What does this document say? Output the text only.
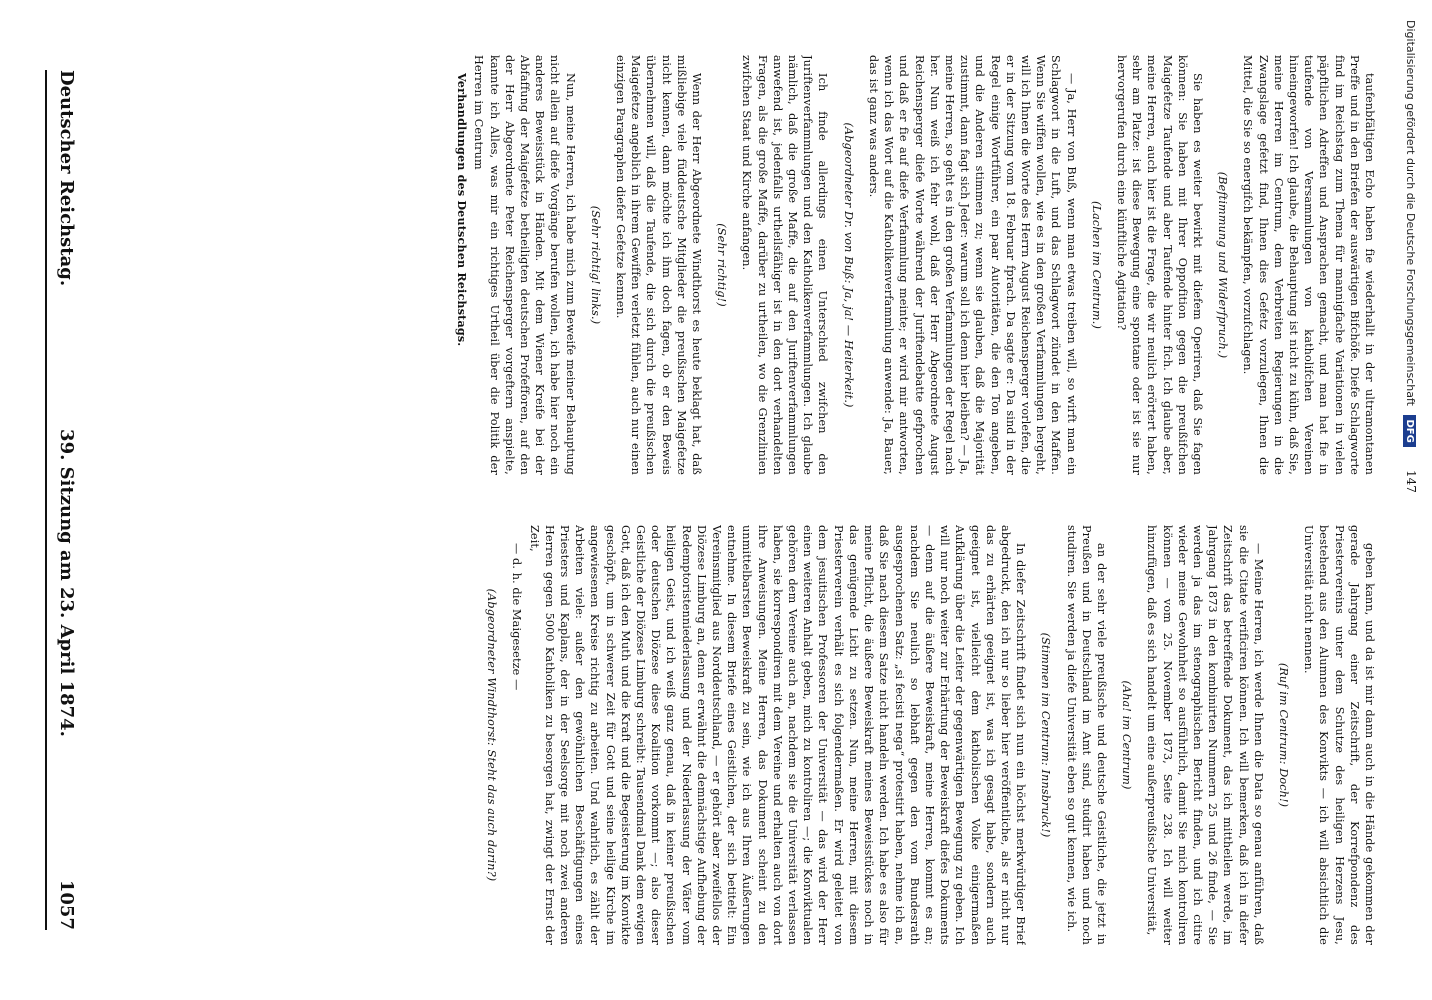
Deutscher Reichstag.
39. Sitzung am 23. April 1874.
1057

taufenbfältigen Echo haben fie wiederhallt in der ultramontanen Preffe und in den Briefen der auswärtigen Bifchöfe. Diefe Schlagworte find im Reichstag zum Thema für mannigfache Variationen in vielen päpftlichen Adreffen und Ansprachen gemacht, und man hat fie in taufende von Versammlungen von katholifchen Vereinen hineingeworfen! Ich glaube, die Behauptung ist nicht zu kühn, daß Sie, meine Herren im Centrum, dem Verbreiten Regierungen in die Zwangslage gefetzt find, Ihnen dies Gefetz vorzulegen, Ihnen die Mittel, die Sie so energifch bekämpfen, vorzufchlagen.

(Beftimmung und Widerfpruch.)

Sie haben es weiter bewirkt mit diefem Operiren, daß Sie fagen können: Sie haben mit Ihrer Oppofition gegen die preußifchen Maigefetze Taufende und aber Taufende hinter fich. Ich glaube aber, meine Herren, auch hier ist die Frage, die wir neulich erörtert haben, sehr am Platze: ist diese Bewegung eine spontane oder ist sie nur hervorgerufen durch eine künftliche Agitation?

(Lachen im Centrum.)

— Ja, Herr von Buß, wenn man etwas treiben will, so wirft man ein Schlagwort in die Luft, und das Schlagwort zündet in den Maffen. Wenn Sie wiffen wollen, wie es in den großen Verfammlungen hergeht, will ich Ihnen die Worte des Herrn August Reichensperger vorlefen, die er in der Sitzung vom 18. Februar fprach. Da sagte er: Da sind in der Regel einige Wortführer, ein paar Autoritäten, die den Ton angeben, und die Anderen stimmen zu; wenn sie glauben, daß die Majorität zustimmt, dann fagt sich Jeder: warum soll ich denn hier bleiben? — Ja, meine Herren, so geht es in den großen Verfammlungen der Regel nach her. Nun weiß ich fehr wohl, daß der Herr Abgeordnete August Reichensperger diefe Worte während der Juriftendebatte gefprochen und daß er fie auf diefe Verfammlung meinte; er wird mir antworten, wenn ich das Wort auf die Katholikenverfammlung anwende: Ja, Bauer, das ist ganz was anders.

(Abgeordneter Dr. von Buß: Ja, ja! — Heiterkeit.)

Ich finde allerdings einen Unterschied zwifchen den Juriftenverfammlungen und den Katholikenverfammlungen. Ich glaube nämlich, daß die große Maffe, die auf den Juriftenverfammlungen anwefend ist, jedenfalls urtheilsfähiger ist in den dort verhandelten Fragen, als die große Maffe, darüber zu urtheilen, wo die Grenzlinien zwifchen Staat und Kirche anfangen.

(Sehr richtig!)

Wenn der Herr Abgeordnete Windthorst es heute beklagt hat, daß mißliebige viele füddeutsche Mitglieder die preußischen Maigefetze nicht kennen, dann möchte ich ihm doch fagen, ob er den Beweis übernehmen will, daß die Taufende, die sich durch die preußischen Maigefetze angeblich in ihrem Gewiffen verletzt fühlen, auch nur einen einzigen Paragraphen diefer Gefetze kennen.

(Sehr richtig! links.)

Nun, meine Herren, ich habe mich zum Beweife meiner Behauptung nicht allein auf diefe Vorgänge berufen wollen, ich habe hier noch ein anderes Beweisstück in Händen. Mit dem Wiener Kreife bei der Abfaffung der Maigefetze betheiligten deutschen Profefforen, auf den der Herr Abgeordnete Peter Reichensperger vorgeftern anspielte, kannte ich Alles, was mir ein richtiges Urtheil über die Politik der Herren im Centrum

Verhandlungen des Deutschen Reichstags.

geben kann, und da ist mir dann auch in die Hände gekommen der gerade Jahrgang einer Zeitschrift, der Korrefpondenz des Priestervereins unter dem Schutze des heiligen Herzens Jesu, bestehend aus den Alumnen des Konvikts — ich will absichtlich die Universität nicht nennen.

(Ruf im Centrum: Doch!)

— Meine Herren, ich werde Ihnen die Data so genau anführen, daß sie die Citate verificiren können. Ich will bemerken, daß ich in diefer Zeitschrift das betreffende Dokument, das ich mittheilen werde, im Jahrgang 1873 in den kombinirten Nummern 25 und 26 finde, — Sie werden ja das im stenographischen Bericht finden, und ich citire wieder meine Gewohnheit so ausführlich, damit Sie mich kontroliren können — vom 25. November 1873, Seite 238. Ich will weiter hinzufügen, daß es sich handelt um eine außerpreußische Universität,

(Aha! im Centrum)

an der sehr viele preußische und deutsche Geistliche, die jetzt in Preußen und in Deutschland im Amt sind, studirt haben und noch studiren. Sie werden ja diefe Universität eben so gut kennen, wie ich.

(Stimmen im Centrum: Innsbruck!)

In diefer Zeitschrift findet sich nun ein höchst merkwürdiger Brief abgedruckt, den ich nur so lieber hier veröffentliche, als er nicht nur das zu erhärten geeignet ist, was ich gesagt habe, sondern auch geeignet ist, vielleicht dem katholischen Volke einigermaßen Aufklärung über die Leiter der gegenwärtigen Bewegung zu geben. Ich will nur noch weiter zur Erhärtung der Beweiskraft diefes Dokuments — denn auf die äußere Beweiskraft, meine Herren, kommt es an; nachdem Sie neulich so lebhaft gegen den vom Bundesrath ausgesprochenen Satz: „si fecisti nega“ protestirt haben, nehme ich an, daß Sie nach diesem Satze nicht handeln werden. Ich habe es also für meine Pflicht, die äußere Beweiskraft meines Beweisstückes noch in das genügende Licht zu setzen. Nun, meine Herren, mit diesem Priesterverein verhält es sich folgendermaßen. Er wird geleitet von dem jesuitischen Professoren der Universität — das wird der Herr einen weiteren Anhalt geben, mich zu kontroliren —; die Konviktualen gehören dem Vereine auch an, nachdem sie die Universität verlassen haben, sie korrespondiren mit dem Vereine und erhalten auch von dort ihre Anweisungen. Meine Herren, das Dokument scheint zu den unmittelbarsten Beweiskraft zu sein, wie ich aus Ihren Äußerungen entnehme. In diesem Briefe eines Geistlichen, der sich betitelt: Ein Vereinsmitglied aus Norddeutschland, — er gehört aber zweifellos der Diözese Limburg an, denn er erwähnt die demnächstige Aufhebung der Redemptoristenniederlassung und der Niederlassung der Väter vom heiligen Geist, und ich weiß ganz genau, daß in keiner preußischen oder deutschen Diözese diese Koalition vorkommt —; also dieser Geistliche der Diözese Limburg schreibt: Tausendmal Dank dem ewigen Gott, daß ich den Muth und die Kraft und die Begeisterung im Konvikte geschöpft, um in schwerer Zeit für Gott und seine heilige Kirche im angewiesenen Kreise richtig zu arbeiten. Und wahrlich, es zählt der Arbeiten viele: außer den gewöhnlichen Beschäftigungen eines Priesters und Kaplans, der in der Seelsorge mit noch zwei anderen Herren gegen 5000 Katholiken zu besorgen hat, zwingt der Ernst der Zeit,

— d. h. die Maigesetze —

(Abgeordneter Windthorst: Steht das auch darin?)

Digitalisierung gefördert durch die Deutsche Forschungsgemeinschaft DFG
147
